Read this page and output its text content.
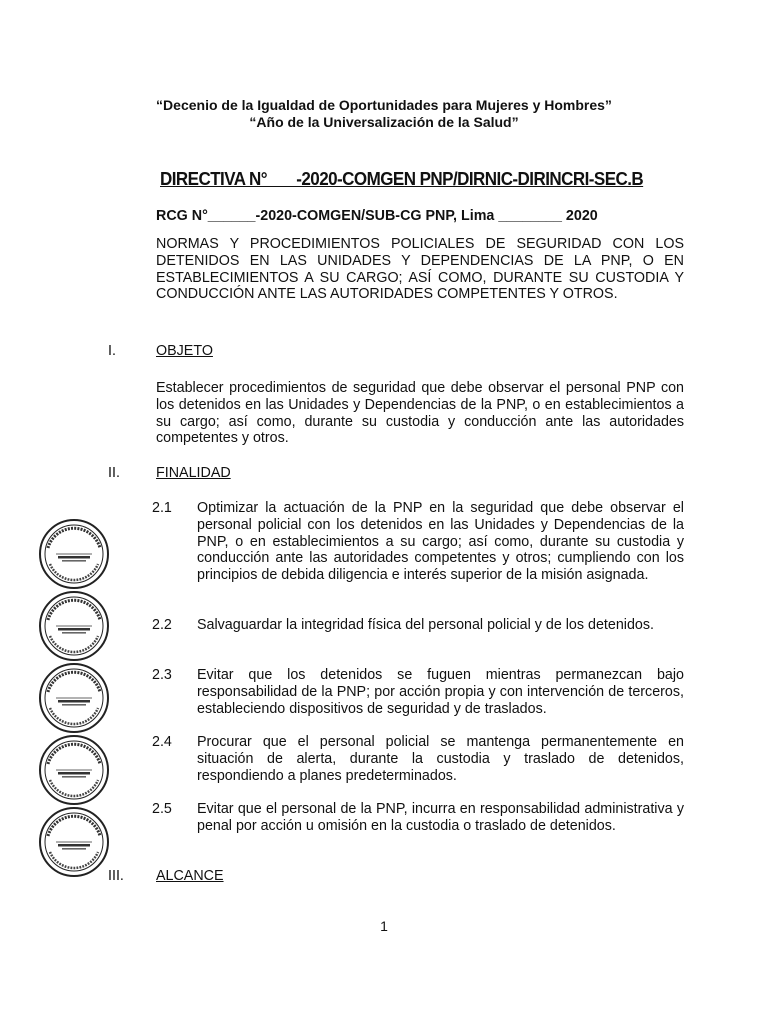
“Decenio de la Igualdad de Oportunidades para Mujeres y Hombres”
“Año de la Universalización de la Salud”
DIRECTIVA N°       -2020-COMGEN PNP/DIRNIC-DIRINCRI-SEC.B
RCG N°______-2020-COMGEN/SUB-CG PNP, Lima ________ 2020
NORMAS Y PROCEDIMIENTOS POLICIALES DE SEGURIDAD CON LOS DETENIDOS EN LAS UNIDADES Y DEPENDENCIAS DE LA PNP, O EN ESTABLECIMIENTOS A SU CARGO; ASÍ COMO, DURANTE SU CUSTODIA Y CONDUCCIÓN ANTE LAS AUTORIDADES COMPETENTES Y OTROS.
I.	OBJETO
Establecer procedimientos de seguridad que debe observar el personal PNP con los detenidos en las Unidades y Dependencias de la PNP, o en establecimientos a su cargo; así como, durante su custodia y conducción ante las autoridades competentes y otros.
II.	FINALIDAD
2.1 Optimizar la actuación de la PNP en la seguridad que debe observar el personal policial con los detenidos en las Unidades y Dependencias de la PNP, o en establecimientos a su cargo; así como, durante su custodia y conducción ante las autoridades competentes y otros; cumpliendo con los principios de debida diligencia e interés superior de la misión asignada.
2.2 Salvaguardar la integridad física del personal policial y de los detenidos.
2.3 Evitar que los detenidos se fuguen mientras permanezcan bajo responsabilidad de la PNP; por acción propia y con intervención de terceros, estableciendo dispositivos de seguridad y de traslados.
2.4 Procurar que el personal policial se mantenga permanentemente en situación de alerta, durante la custodia y traslado de detenidos, respondiendo a planes predeterminados.
2.5 Evitar que el personal de la PNP, incurra en responsabilidad administrativa y penal por acción u omisión en la custodia o traslado de detenidos.
III. ALCANCE
1
